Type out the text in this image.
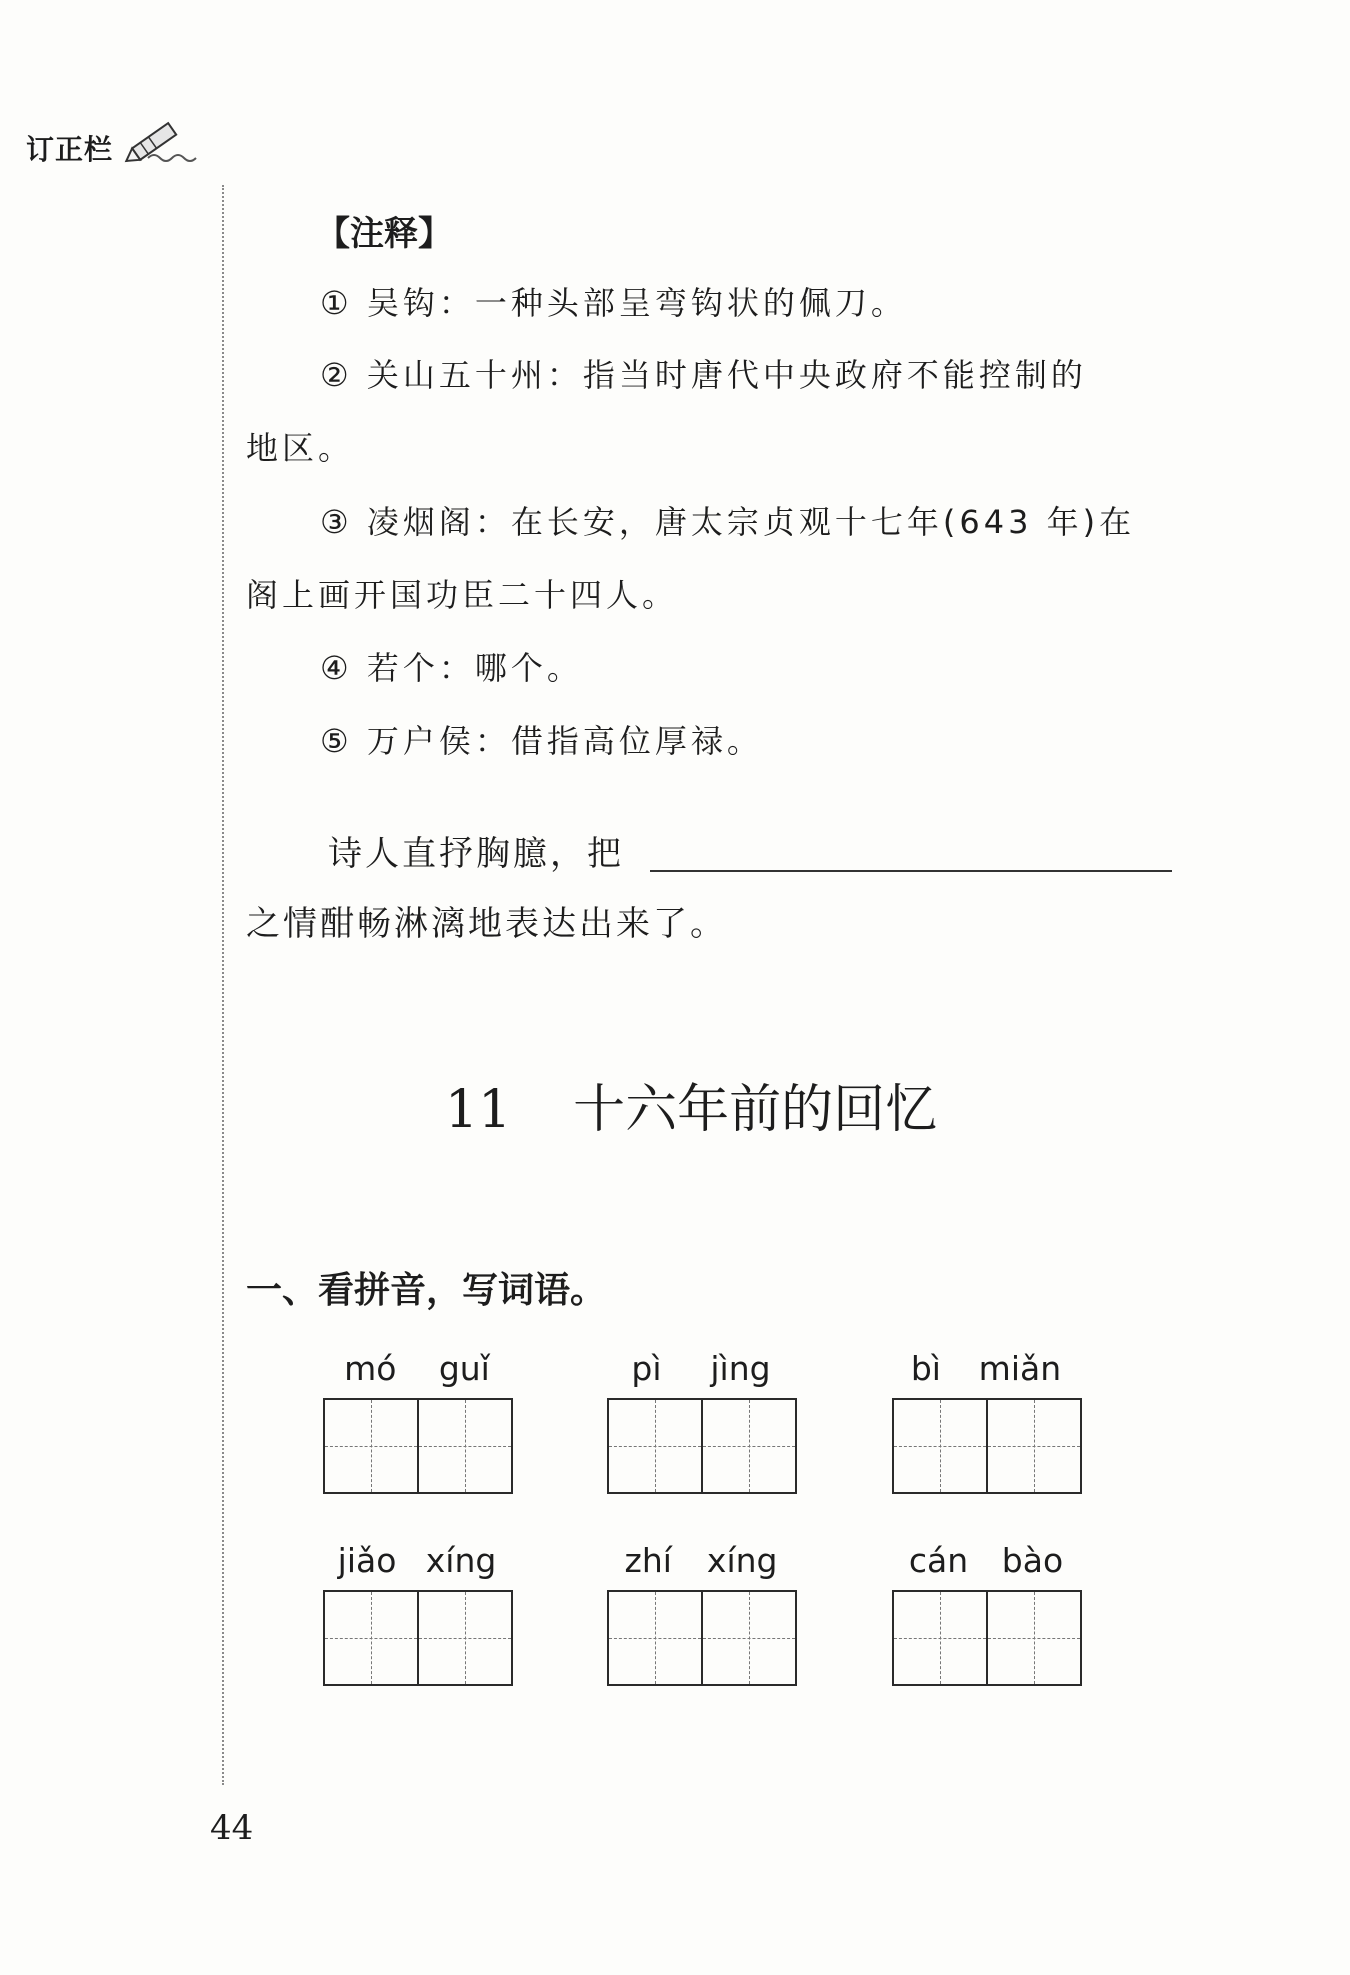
订正栏
【注释】
① 吴钩：一种头部呈弯钩状的佩刀。
② 关山五十州：指当时唐代中央政府不能控制的
地区。
③ 凌烟阁：在长安，唐太宗贞观十七年(643 年)在
阁上画开国功臣二十四人。
④ 若个：哪个。
⑤ 万户侯：借指高位厚禄。
诗人直抒胸臆，把
之情酣畅淋漓地表达出来了。
11 十六年前的回忆
一、看拼音，写词语。
mó guǐ	pì jìng	bì miǎn
jiǎo xíng	zhí xíng	cán bào
44
